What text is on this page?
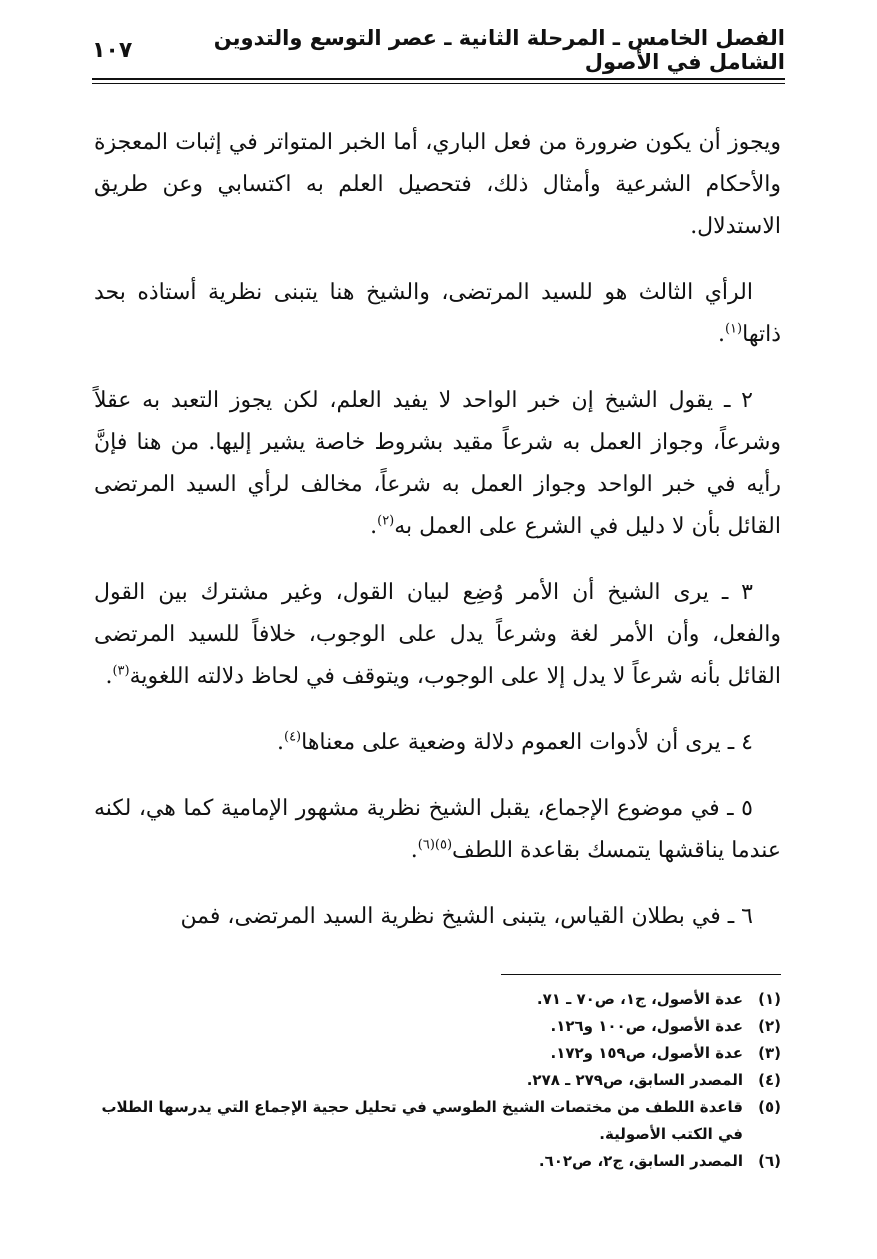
الفصل الخامس ـ المرحلة الثانية ـ عصر التوسع والتدوين الشامل في الأصول
١٠٧

ويجوز أن يكون ضرورة من فعل الباري، أما الخبر المتواتر في إثبات المعجزة والأحكام الشرعية وأمثال ذلك، فتحصيل العلم به اكتسابي وعن طريق الاستدلال.

الرأي الثالث هو للسيد المرتضى، والشيخ هنا يتبنى نظرية أستاذه بحد ذاتها$^{(١)}$.

٢ ـ يقول الشيخ إن خبر الواحد لا يفيد العلم، لكن يجوز التعبد به عقلاً وشرعاً، وجواز العمل به شرعاً مقيد بشروط خاصة يشير إليها. من هنا فإنَّ رأيه في خبر الواحد وجواز العمل به شرعاً، مخالف لرأي السيد المرتضى القائل بأن لا دليل في الشرع على العمل به$^{(٢)}$.

٣ ـ يرى الشيخ أن الأمر وُضِع لبيان القول، وغير مشترك بين القول والفعل، وأن الأمر لغة وشرعاً يدل على الوجوب، خلافاً للسيد المرتضى القائل بأنه شرعاً لا يدل إلا على الوجوب، ويتوقف في لحاظ دلالته اللغوية$^{(٣)}$.

٤ ـ يرى أن لأدوات العموم دلالة وضعية على معناها$^{(٤)}$.

٥ ـ في موضوع الإجماع، يقبل الشيخ نظرية مشهور الإمامية كما هي، لكنه عندما يناقشها يتمسك بقاعدة اللطف$^{(٥)(٦)}$.

٦ ـ في بطلان القياس، يتبنى الشيخ نظرية السيد المرتضى، فمن

(١)
عدة الأصول، ج١، ص٧٠ ـ ٧١.
(٢)
عدة الأصول، ص١٠٠ و١٢٦.
(٣)
عدة الأصول، ص١٥٩ و١٧٢.
(٤)
المصدر السابق، ص٢٧٩ ـ ٢٧٨.
(٥)
قاعدة اللطف من مختصات الشيخ الطوسي في تحليل حجية الإجماع التي يدرسها الطلاب في الكتب الأصولية.
(٦)
المصدر السابق، ج٢، ص٦٠٢.
